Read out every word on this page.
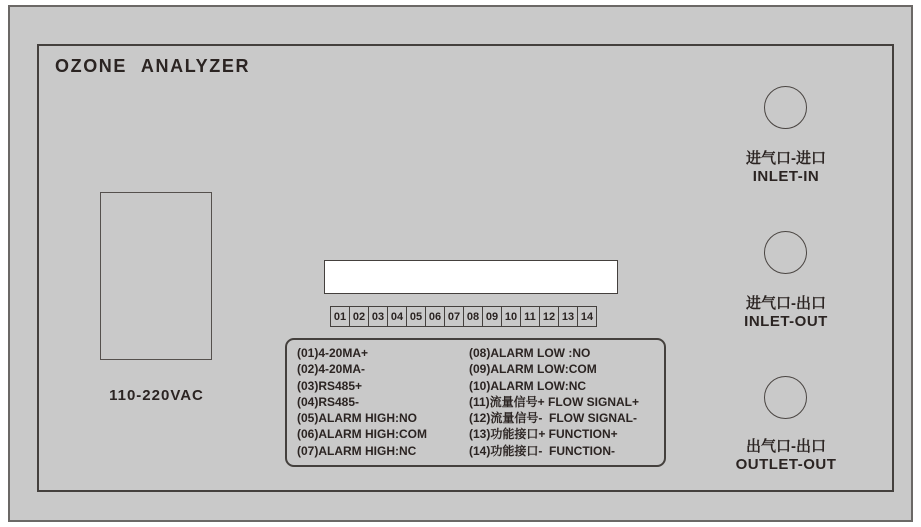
OZONE ANALYZER
110-220VAC
01 02 03 04 05 06 07 08 09 10 11 12 13 14
(01)4-20MA+
(02)4-20MA-
(03)RS485+
(04)RS485-
(05)ALARM HIGH:NO
(06)ALARM HIGH:COM
(07)ALARM HIGH:NC
(08)ALARM LOW :NO
(09)ALARM LOW:COM
(10)ALARM LOW:NC
(11)流量信号+ FLOW SIGNAL+
(12)流量信号-  FLOW SIGNAL-
(13)功能接口+ FUNCTION+
(14)功能接口-  FUNCTION-
进气口-进口
INLET-IN
进气口-出口
INLET-OUT
出气口-出口
OUTLET-OUT
